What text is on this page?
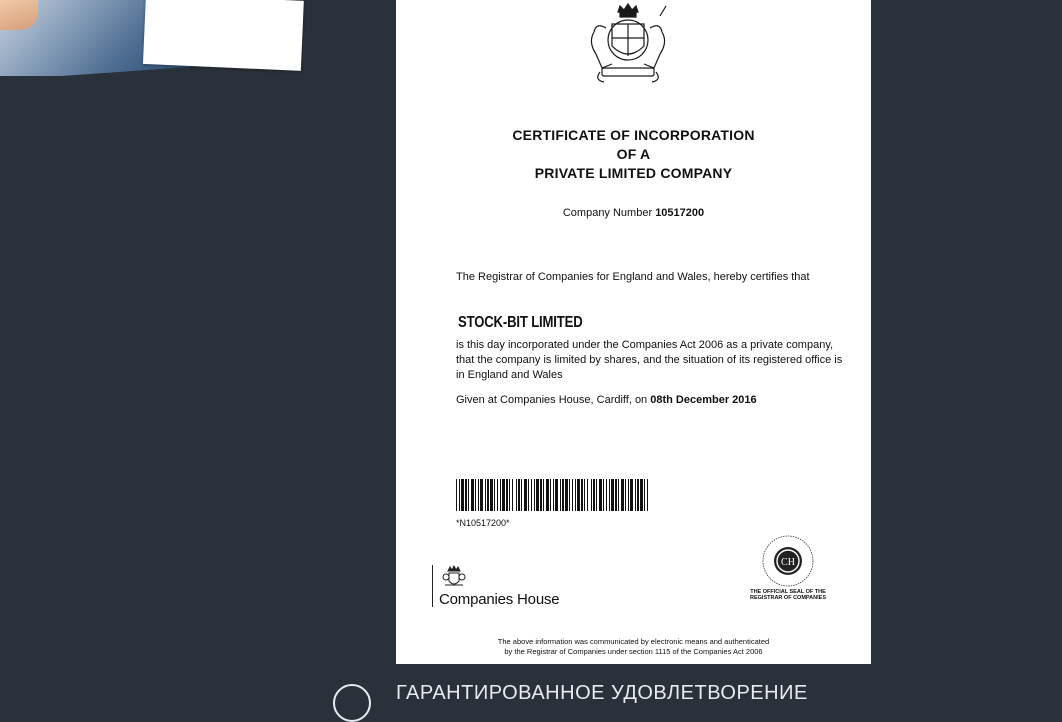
CERTIFICATE OF INCORPORATION
OF A
PRIVATE LIMITED COMPANY
Company Number 10517200
The Registrar of Companies for England and Wales, hereby certifies that
STOCK-BIT LIMITED
is this day incorporated under the Companies Act 2006 as a private company, that the company is limited by shares, and the situation of its registered office is in England and Wales
Given at Companies House, Cardiff, on 08th December 2016
*N10517200*
Companies House
CH
THE OFFICIAL SEAL OF THE REGISTRAR OF COMPANIES
The above information was communicated by electronic means and authenticated
by the Registrar of Companies under section 1115 of the Companies Act 2006
ГАРАНТИРОВАННОЕ УДОВЛЕТВОРЕНИЕ
